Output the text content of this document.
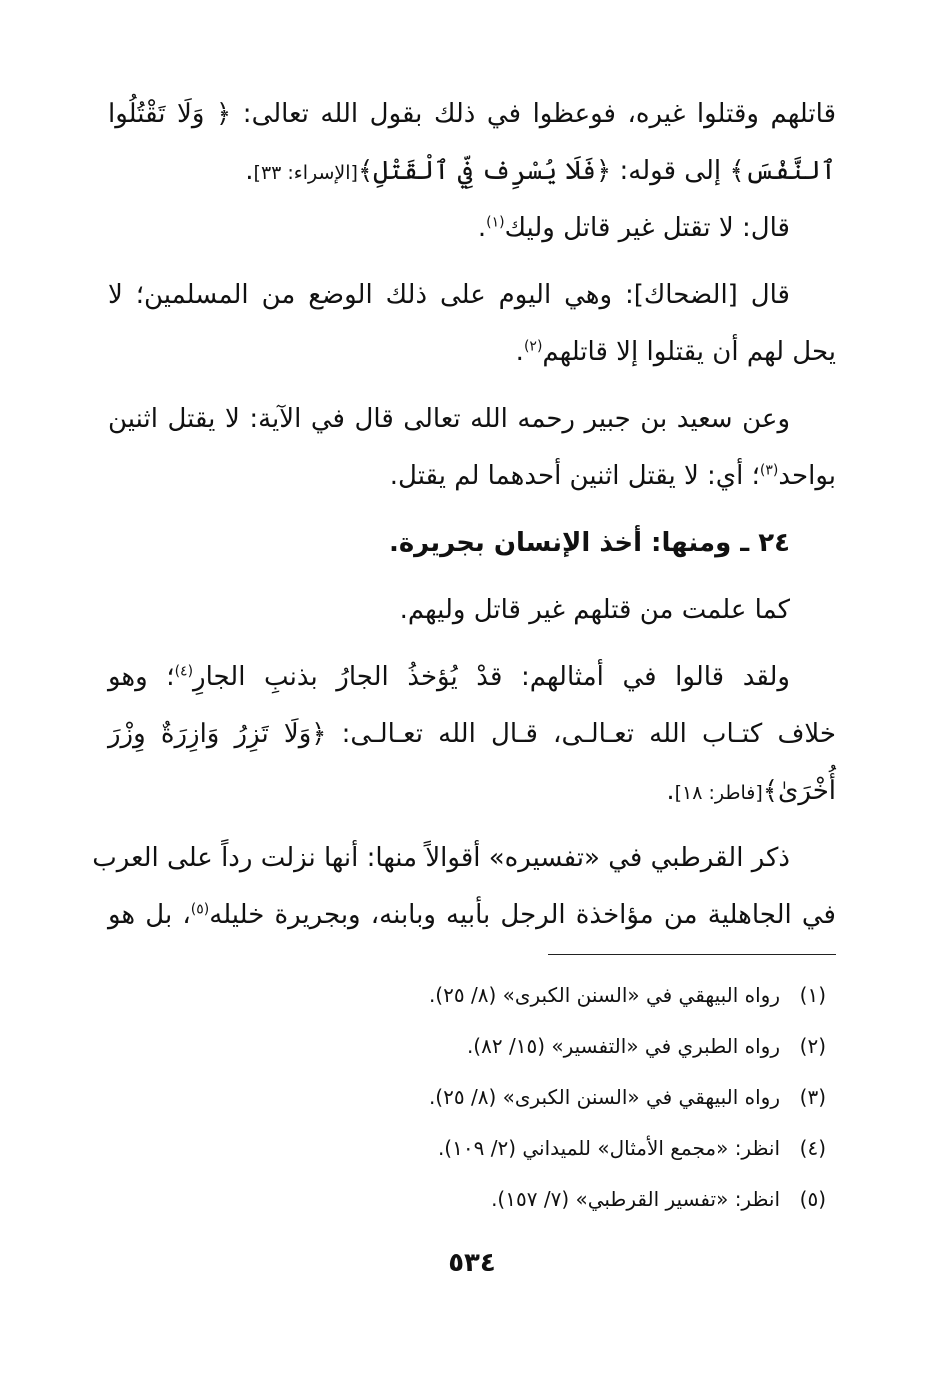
قاتلهم وقتلوا غيره، فوعظوا في ذلك بقول الله تعالى: ﴿ وَلَا تَقْتُلُوا
ٱلنَّفْسَ﴾ إلى قوله: ﴿فَلَا يُسْرِف فِّي ٱلْقَتْلِ﴾[الإسراء: ٣٣].
قال: لا تقتل غير قاتل وليك$^{(١)}$.
قال [الضحاك]: وهي اليوم على ذلك الوضع من المسلمين؛ لا
يحل لهم أن يقتلوا إلا قاتلهم$^{(٢)}$.
وعن سعيد بن جبير رحمه الله تعالى قال في الآية: لا يقتل اثنين
بواحد$^{(٣)}$؛ أي: لا يقتل اثنين أحدهما لم يقتل.
٢٤ ـ ومنها: أخذ الإنسان بجريرة.
كما علمت من قتلهم غير قاتل وليهم.
ولقد قالوا في أمثالهم: قدْ يُؤخذُ الجارُ بذنبِ الجارِ$^{(٤)}$؛ وهو
خلاف كتـاب الله تعـالـى، قـال الله تعـالـى: ﴿وَلَا تَزِرُ وَازِرَةٌ وِزْرَ
أُخْرَىٰ﴾[فاطر: ١٨].
ذكر القرطبي في «تفسيره» أقوالاً منها: أنها نزلت رداً على العرب
في الجاهلية من مؤاخذة الرجل بأبيه وبابنه، وبجريرة خليله$^{(٥)}$، بل هو
(١)رواه البيهقي في «السنن الكبرى» (٨/ ٢٥).
(٢)رواه الطبري في «التفسير» (١٥/ ٨٢).
(٣)رواه البيهقي في «السنن الكبرى» (٨/ ٢٥).
(٤)انظر: «مجمع الأمثال» للميداني (٢/ ١٠٩).
(٥)انظر: «تفسير القرطبي» (٧/ ١٥٧).
٥٣٤
